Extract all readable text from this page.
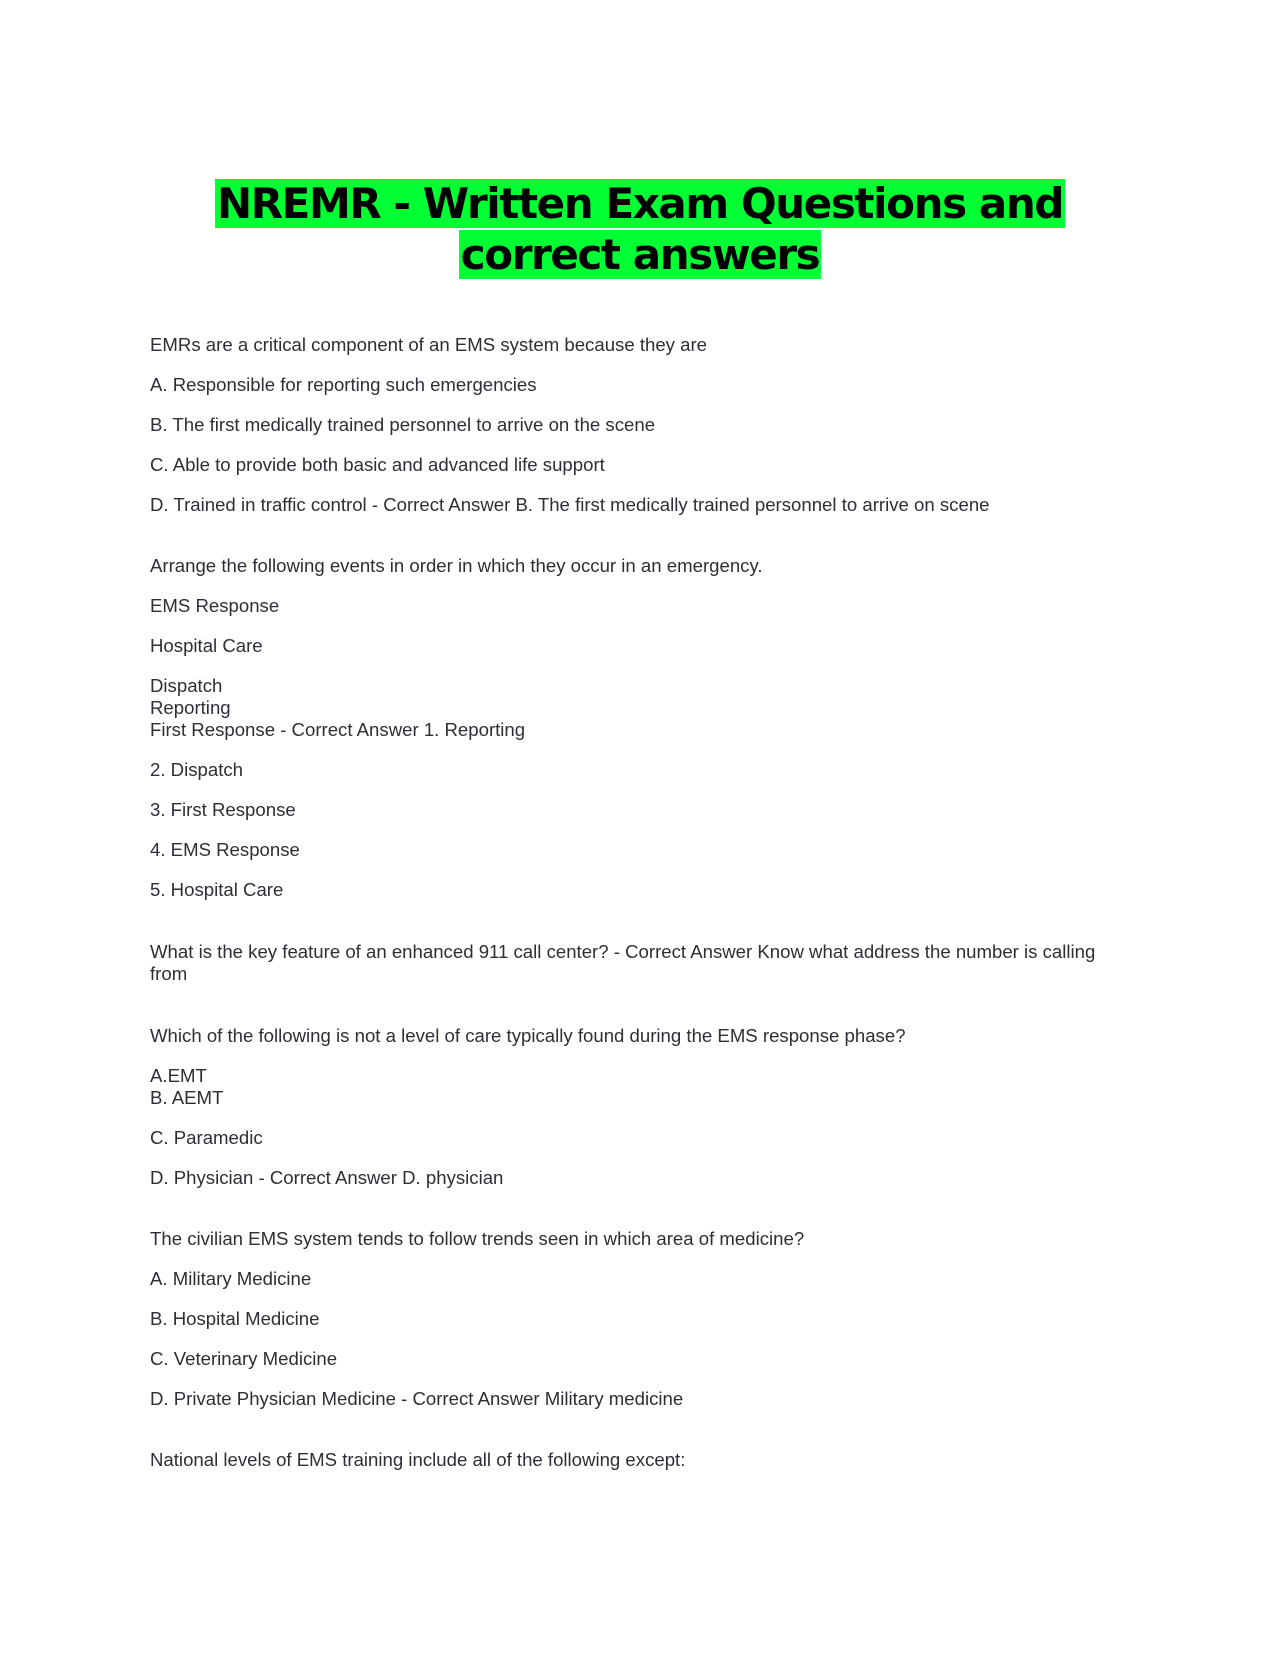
NREMR - Written Exam Questions and correct answers

EMRs are a critical component of an EMS system because they are

A. Responsible for reporting such emergencies

B. The first medically trained personnel to arrive on the scene

C. Able to provide both basic and advanced life support

D. Trained in traffic control - Correct Answer B. The first medically trained personnel to arrive on scene

Arrange the following events in order in which they occur in an emergency.

EMS Response

Hospital Care

Dispatch

Reporting

First Response - Correct Answer 1. Reporting

2. Dispatch

3. First Response

4. EMS Response

5. Hospital Care

What is the key feature of an enhanced 911 call center? - Correct Answer Know what address the number is calling from

Which of the following is not a level of care typically found during the EMS response phase?

A.EMT

B. AEMT

C. Paramedic

D. Physician - Correct Answer D. physician

The civilian EMS system tends to follow trends seen in which area of medicine?

A. Military Medicine

B. Hospital Medicine

C. Veterinary Medicine

D. Private Physician Medicine - Correct Answer Military medicine

National levels of EMS training include all of the following except:
